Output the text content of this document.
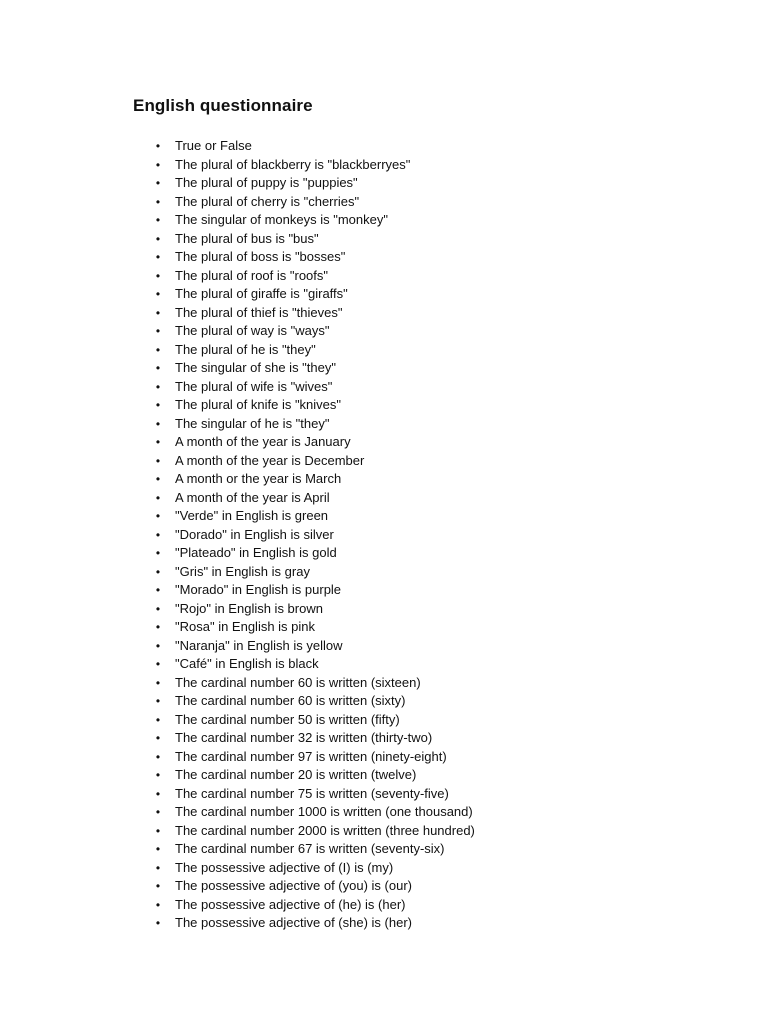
English questionnaire
• True or False
• The plural of blackberry is "blackberryes"
• The plural of puppy is "puppies"
• The plural of cherry is "cherries"
• The singular of monkeys is "monkey"
• The plural of bus is "bus"
• The plural of boss is "bosses"
• The plural of roof is "roofs"
• The plural of giraffe is "giraffs"
• The plural of thief is "thieves"
• The plural of way is "ways"
• The plural of he is "they"
• The singular of she is "they"
• The plural of wife is "wives"
• The plural of knife is "knives"
• The singular of he is "they"
• A month of the year is January
• A month of the year is December
• A month or the year is March
• A month of the year is April
• "Verde" in English is green
• "Dorado" in English is silver
• "Plateado" in English is gold
• "Gris" in English is gray
• "Morado" in English is purple
• "Rojo" in English is brown
• "Rosa" in English is pink
• "Naranja" in English is yellow
• "Café" in English is black
• The cardinal number 60 is written (sixteen)
• The cardinal number 60 is written (sixty)
• The cardinal number 50 is written (fifty)
• The cardinal number 32 is written (thirty-two)
• The cardinal number 97 is written (ninety-eight)
• The cardinal number 20 is written (twelve)
• The cardinal number 75 is written (seventy-five)
• The cardinal number 1000 is written (one thousand)
• The cardinal number 2000 is written (three hundred)
• The cardinal number 67 is written (seventy-six)
• The possessive adjective of (I) is (my)
• The possessive adjective of (you) is (our)
• The possessive adjective of (he) is (her)
• The possessive adjective of (she) is (her)
